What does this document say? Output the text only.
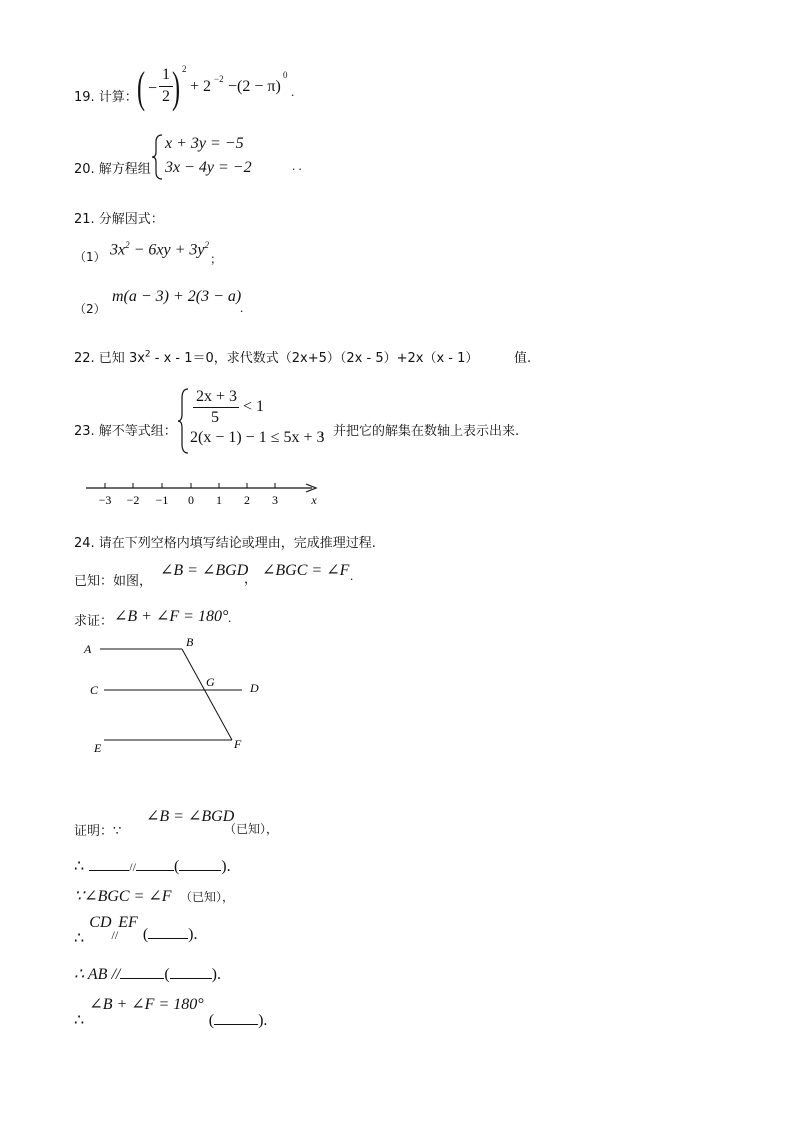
19. 计算： ( −
1
2 ) 2
+ 2 −2 −(2 − π)
0
.
20. 解方程组
x + 3y = −5
3x − 4y = −2	. .
21. 分解因式：
（1） $3x^2 - 6xy + 3y^2$
；
（2）
m(a − 3) + 2(3 − a)
.
22. 已知 $3x^2 - x - 1=0$，求代数式（2x+5）（2x - 5）+2x（x - 1）	值.
23. 解不等式组：
2x + 3
5
< 1
2(x − 1) − 1 ≤ 5x + 3
，并把它的解集在数轴上表示出来.
−3 −2 −1 0 1 2 3	x
24. 请在下列空格内填写结论或理由，完成推理过程.
已知：如图，
∠B = ∠BGD
，
∠BGC = ∠F .
求证： ∠B + ∠F = 180° .
A	B
C
G	D
E	F
证明：∵
∠B = ∠BGD
（已知），
∴	// (	).
∵∠BGC = ∠F （已知），
∴ $CD_{//}EF$ (	).
∴ AB //	(	).
∴ ∠B + ∠F = 180° (	).
